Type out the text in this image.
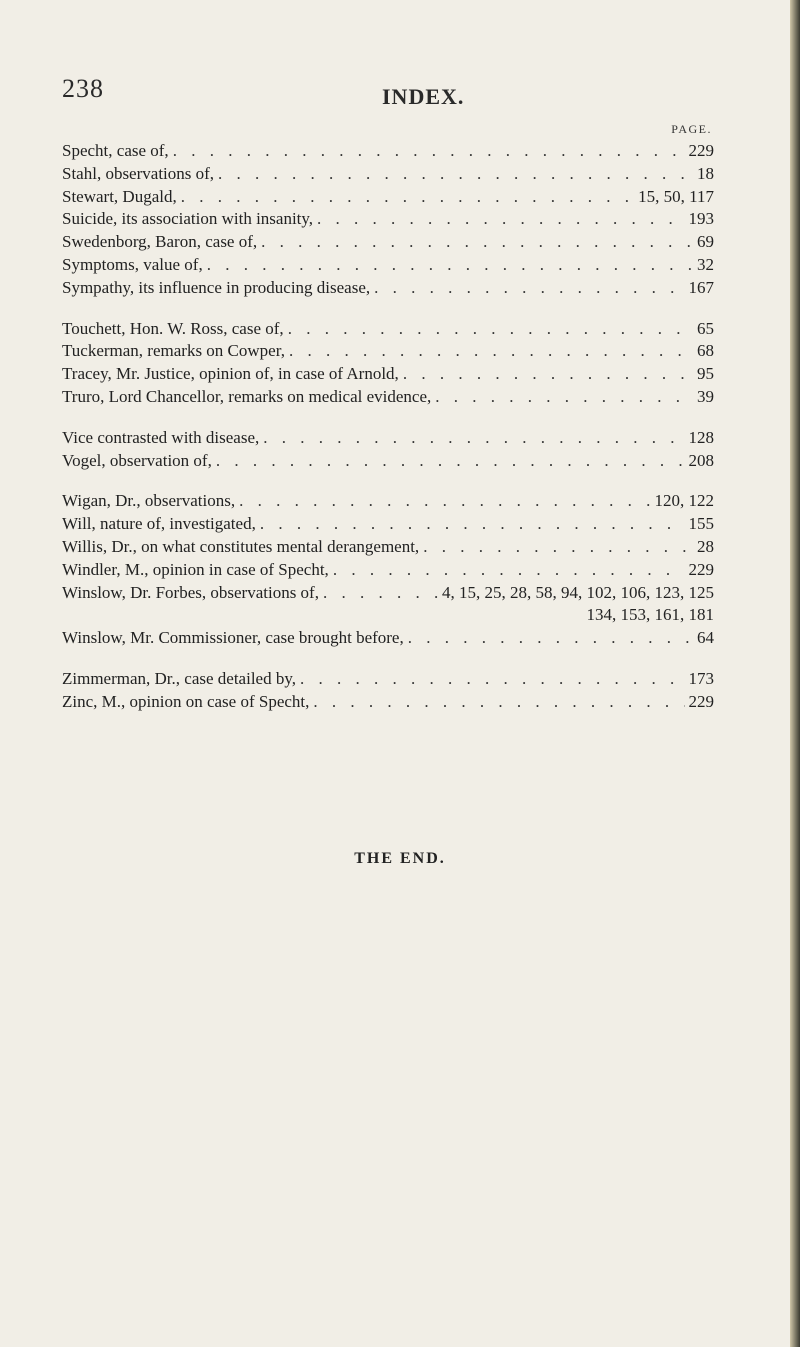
238	INDEX.
PAGE.
Specht, case of, . . .	229
Stahl, observations of, . . .	18
Stewart, Dugald, . . .	15, 50, 117
Suicide, its association with insanity, . . .	193
Swedenborg, Baron, case of, . . .	69
Symptoms, value of, . . .	32
Sympathy, its influence in producing disease, . . .	167
Touchett, Hon. W. Ross, case of, . . .	65
Tuckerman, remarks on Cowper, . . .	68
Tracey, Mr. Justice, opinion of, in case of Arnold, . . .	95
Truro, Lord Chancellor, remarks on medical evidence, . . .	39
Vice contrasted with disease, . . .	128
Vogel, observation of, . . .	208
Wigan, Dr., observations, . . .	120, 122
Will, nature of, investigated, . . .	155
Willis, Dr., on what constitutes mental derangement, . . .	28
Windler, M., opinion in case of Specht, . . .	229
Winslow, Dr. Forbes, observations of, . . .	4, 15, 25, 28, 58, 94, 102, 106, 123, 125
134, 153, 161, 181
Winslow, Mr. Commissioner, case brought before, . . .	64
Zimmerman, Dr., case detailed by, . . .	173
Zinc, M., opinion on case of Specht, . . .	229
THE END.
